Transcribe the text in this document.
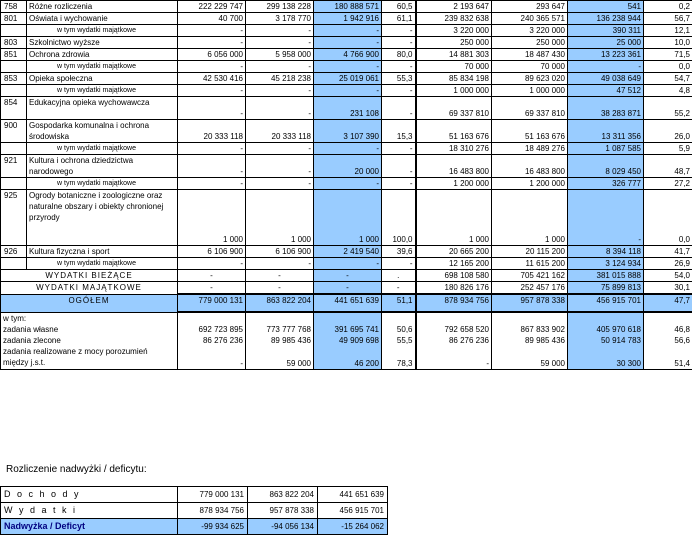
758	Różne rozliczenia	222 229 747	299 138 228	180 888 571	60,5	2 193 647	293 647	541	0,2
801	Oświata i wychowanie	40 700	3 178 770	1 942 916	61,1	239 832 638	240 365 571	136 238 944	56,7
	w tym wydatki majątkowe	-	-	-	-	3 220 000	3 220 000	390 311	12,1
803	Szkolnictwo wyższe	-	-	-	-	250 000	250 000	25 000	10,0
851	Ochrona zdrowia	6 056 000	5 958 000	4 766 900	80,0	14 881 303	18 487 430	13 223 361	71,5
	w tym wydatki majątkowe	-	-	-	-	70 000	70 000	-	0,0
853	Opieka społeczna	42 530 416	45 218 238	25 019 061	55,3	85 834 198	89 623 020	49 038 649	54,7
	w tym wydatki majątkowe	-	-	-	-	1 000 000	1 000 000	47 512	4,8
854	Edukacyjna opieka wychowawcza	-	-	231 108	-	69 337 810	69 337 810	38 283 871	55,2
900	Gospodarka komunalna i ochrona środowiska	20 333 118	20 333 118	3 107 390	15,3	51 163 676	51 163 676	13 311 356	26,0
	w tym wydatki majątkowe	-	-	-	-	18 310 276	18 489 276	1 087 585	5,9
921	Kultura i ochrona dziedzictwa narodowego	-	-	20 000	-	16 483 800	16 483 800	8 029 450	48,7
	w tym wydatki majątkowe	-	-	-	-	1 200 000	1 200 000	326 777	27,2
925	Ogrody botaniczne i zoologiczne oraz naturalne obszary i obiekty chronionej przyrody	1 000	1 000	1 000	100,0	1 000	1 000	-	0,0
926	Kultura fizyczna i sport	6 106 900	6 106 900	2 419 540	39,6	20 665 200	20 115 200	8 394 118	41,7
	w tym wydatki majątkowe	-	-	-	-	12 165 200	11 615 200	3 124 934	26,9
WYDATKI BIEŻĄCE		-	-	-	.	698 108 580	705 421 162	381 015 888	54,0
WYDATKI MAJĄTKOWE		-	-	-	-	180 826 176	252 457 176	75 899 813	30,1
OGÓŁEM		779 000 131	863 822 204	441 651 639	51,1	878 934 756	957 878 338	456 915 701	47,7
w tym:									
zadania własne		692 723 895	773 777 768	391 695 741	50,6	792 658 520	867 833 902	405 970 618	46,8
zadania zlecone		86 276 236	89 985 436	49 909 698	55,5	86 276 236	89 985 436	50 914 783	56,6
zadania realizowane z mocy porozumień między j.s.t.		-	59 000	46 200	78,3	-	59 000	30 300	51,4
Rozliczenie nadwyżki / deficytu:
D o c h o d y	779 000 131	863 822 204	441 651 639
W y d a t k i	878 934 756	957 878 338	456 915 701
Nadwyżka / Deficyt	-99 934 625	-94 056 134	-15 264 062
